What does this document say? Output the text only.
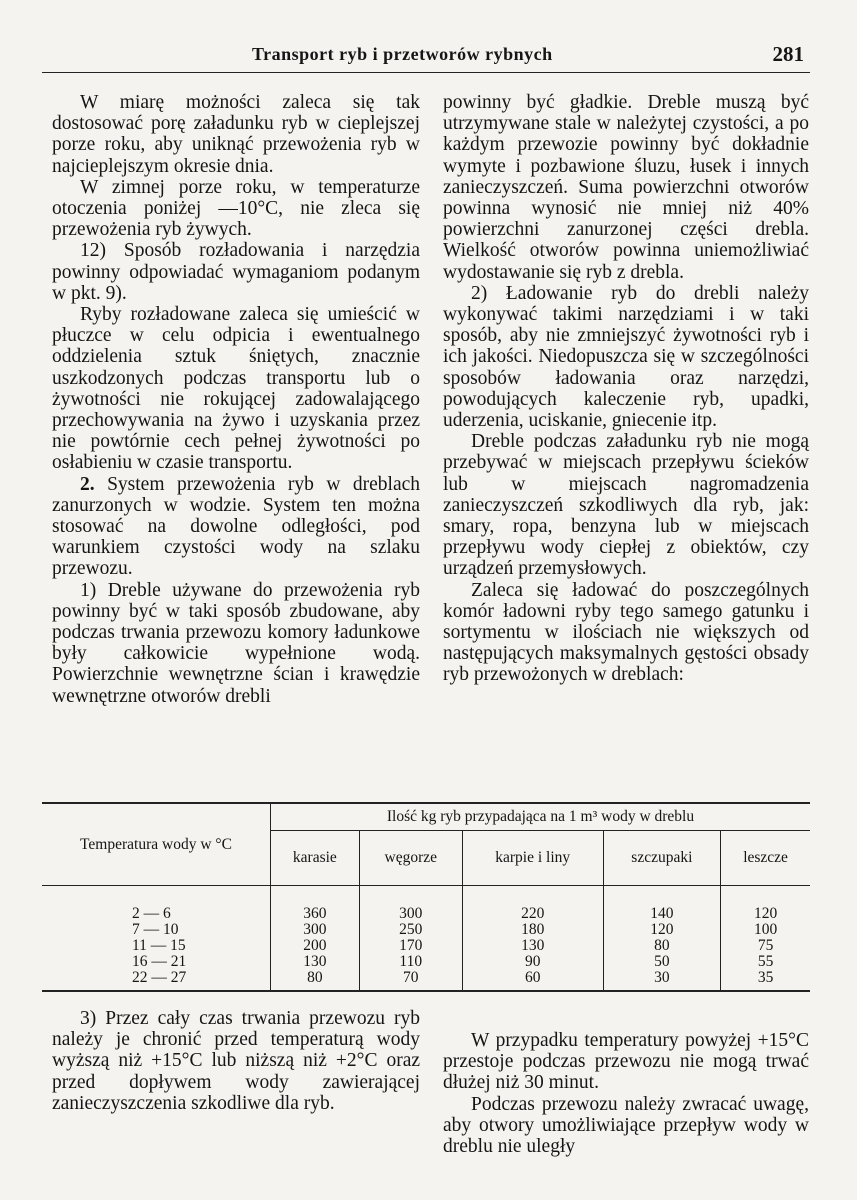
Transport ryb i przetworów rybnych	281

W miarę możności zaleca się tak dostosować porę załadunku ryb w cieplejszej porze roku, aby uniknąć przewożenia ryb w najcieplejszym okresie dnia.

W zimnej porze roku, w temperaturze otoczenia poniżej —10°C, nie zleca się przewożenia ryb żywych.

12) Sposób rozładowania i narzędzia powinny odpowiadać wymaganiom podanym w pkt. 9).

Ryby rozładowane zaleca się umieścić w płuczce w celu odpicia i ewentualnego oddzielenia sztuk śniętych, znacznie uszkodzonych podczas transportu lub o żywotności nie rokującej zadowalającego przechowywania na żywo i uzyskania przez nie powtórnie cech pełnej żywotności po osłabieniu w czasie transportu.

2. System przewożenia ryb w dreblach zanurzonych w wodzie. System ten można stosować na dowolne odległości, pod warunkiem czystości wody na szlaku przewozu.

1) Dreble używane do przewożenia ryb powinny być w taki sposób zbudowane, aby podczas trwania przewozu komory ładunkowe były całkowicie wypełnione wodą. Powierzchnie wewnętrzne ścian i krawędzie wewnętrzne otworów drebli

powinny być gładkie. Dreble muszą być utrzymywane stale w należytej czystości, a po każdym przewozie powinny być dokładnie wymyte i pozbawione śluzu, łusek i innych zanieczyszczeń. Suma powierzchni otworów powinna wynosić nie mniej niż 40% powierzchni zanurzonej części drebla. Wielkość otworów powinna uniemożliwiać wydostawanie się ryb z drebla.

2) Ładowanie ryb do drebli należy wykonywać takimi narzędziami i w taki sposób, aby nie zmniejszyć żywotności ryb i ich jakości. Niedopuszcza się w szczególności sposobów ładowania oraz narzędzi, powodujących kaleczenie ryb, upadki, uderzenia, uciskanie, gniecenie itp.

Dreble podczas załadunku ryb nie mogą przebywać w miejscach przepływu ścieków lub w miejscach nagromadzenia zanieczyszczeń szkodliwych dla ryb, jak: smary, ropa, benzyna lub w miejscach przepływu wody ciepłej z obiektów, czy urządzeń przemysłowych.

Zaleca się ładować do poszczególnych komór ładowni ryby tego samego gatunku i sortymentu w ilościach nie większych od następujących maksymalnych gęstości obsady ryb przewożonych w dreblach:

Temperatura wody w °C	Ilość kg ryb przypadająca na 1 m³ wody w dreblu				
	karasie	węgorze	karpie i liny	szczupaki	leszcze
2 — 6	360	300	220	140	120
7 — 10	300	250	180	120	100
11 — 15	200	170	130	80	75
16 — 21	130	110	90	50	55
22 — 27	80	70	60	30	35

3) Przez cały czas trwania przewozu ryb należy je chronić przed temperaturą wody wyższą niż +15°C lub niższą niż +2°C oraz przed dopływem wody zawierającej zanieczyszczenia szkodliwe dla ryb.

W przypadku temperatury powyżej +15°C przestoje podczas przewozu nie mogą trwać dłużej niż 30 minut.

Podczas przewozu należy zwracać uwagę, aby otwory umożliwiające przepływ wody w dreblu nie uległy
